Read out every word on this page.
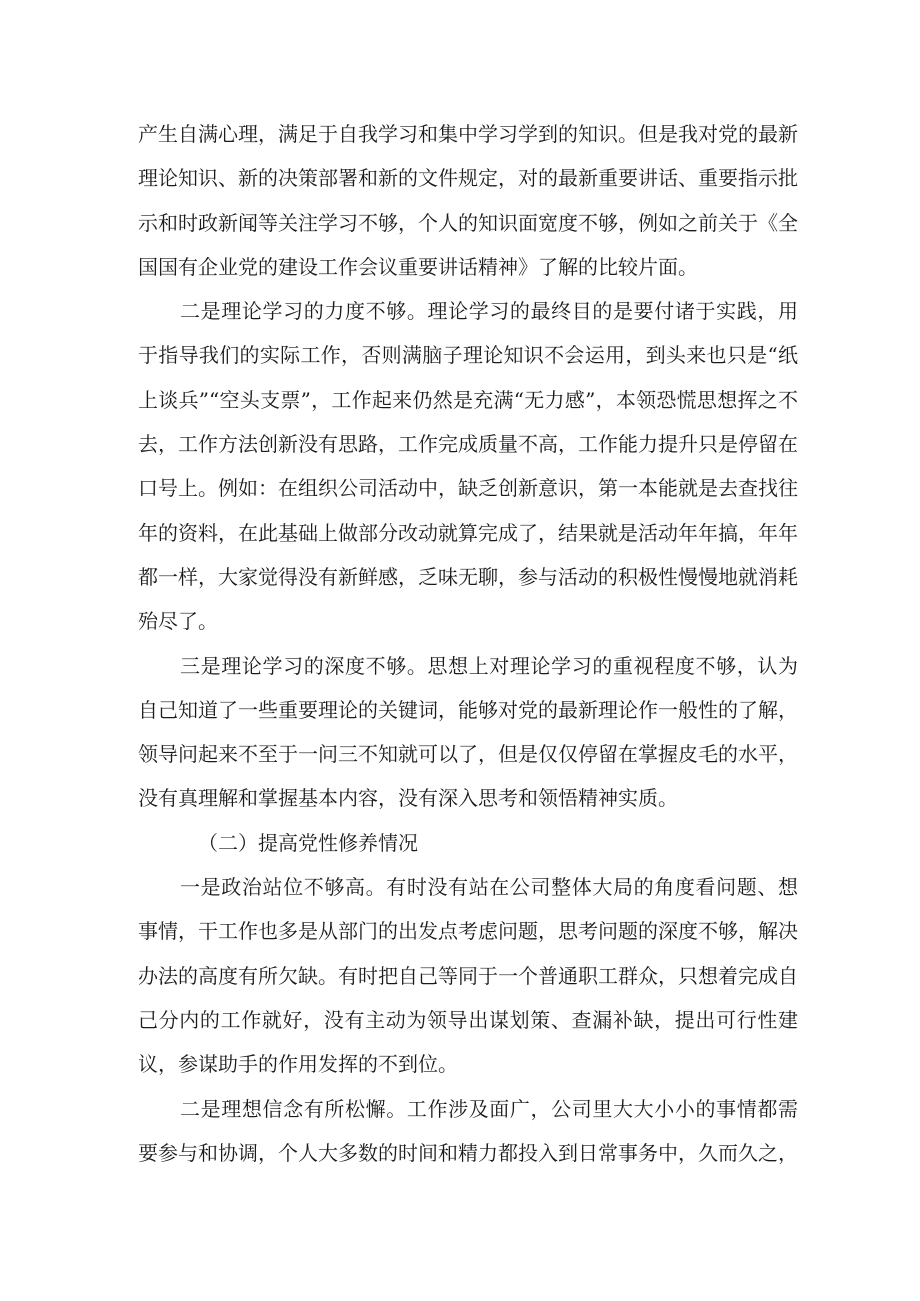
产生自满心理，满足于自我学习和集中学习学到的知识。但是我对党的最新理论知识、新的决策部署和新的文件规定，对的最新重要讲话、重要指示批示和时政新闻等关注学习不够，个人的知识面宽度不够，例如之前关于《全国国有企业党的建设工作会议重要讲话精神》了解的比较片面。

二是理论学习的力度不够。理论学习的最终目的是要付诸于实践，用于指导我们的实际工作，否则满脑子理论知识不会运用，到头来也只是“纸上谈兵”“空头支票”，工作起来仍然是充满“无力感”，本领恐慌思想挥之不去，工作方法创新没有思路，工作完成质量不高，工作能力提升只是停留在口号上。例如：在组织公司活动中，缺乏创新意识，第一本能就是去查找往年的资料，在此基础上做部分改动就算完成了，结果就是活动年年搞，年年都一样，大家觉得没有新鲜感，乏味无聊，参与活动的积极性慢慢地就消耗殆尽了。

三是理论学习的深度不够。思想上对理论学习的重视程度不够，认为自己知道了一些重要理论的关键词，能够对党的最新理论作一般性的了解，领导问起来不至于一问三不知就可以了，但是仅仅停留在掌握皮毛的水平，没有真理解和掌握基本内容，没有深入思考和领悟精神实质。

（二）提高党性修养情况

一是政治站位不够高。有时没有站在公司整体大局的角度看问题、想事情，干工作也多是从部门的出发点考虑问题，思考问题的深度不够，解决办法的高度有所欠缺。有时把自己等同于一个普通职工群众，只想着完成自己分内的工作就好，没有主动为领导出谋划策、查漏补缺，提出可行性建议，参谋助手的作用发挥的不到位。

二是理想信念有所松懈。工作涉及面广，公司里大大小小的事情都需要参与和协调，个人大多数的时间和精力都投入到日常事务中，久而久之，
